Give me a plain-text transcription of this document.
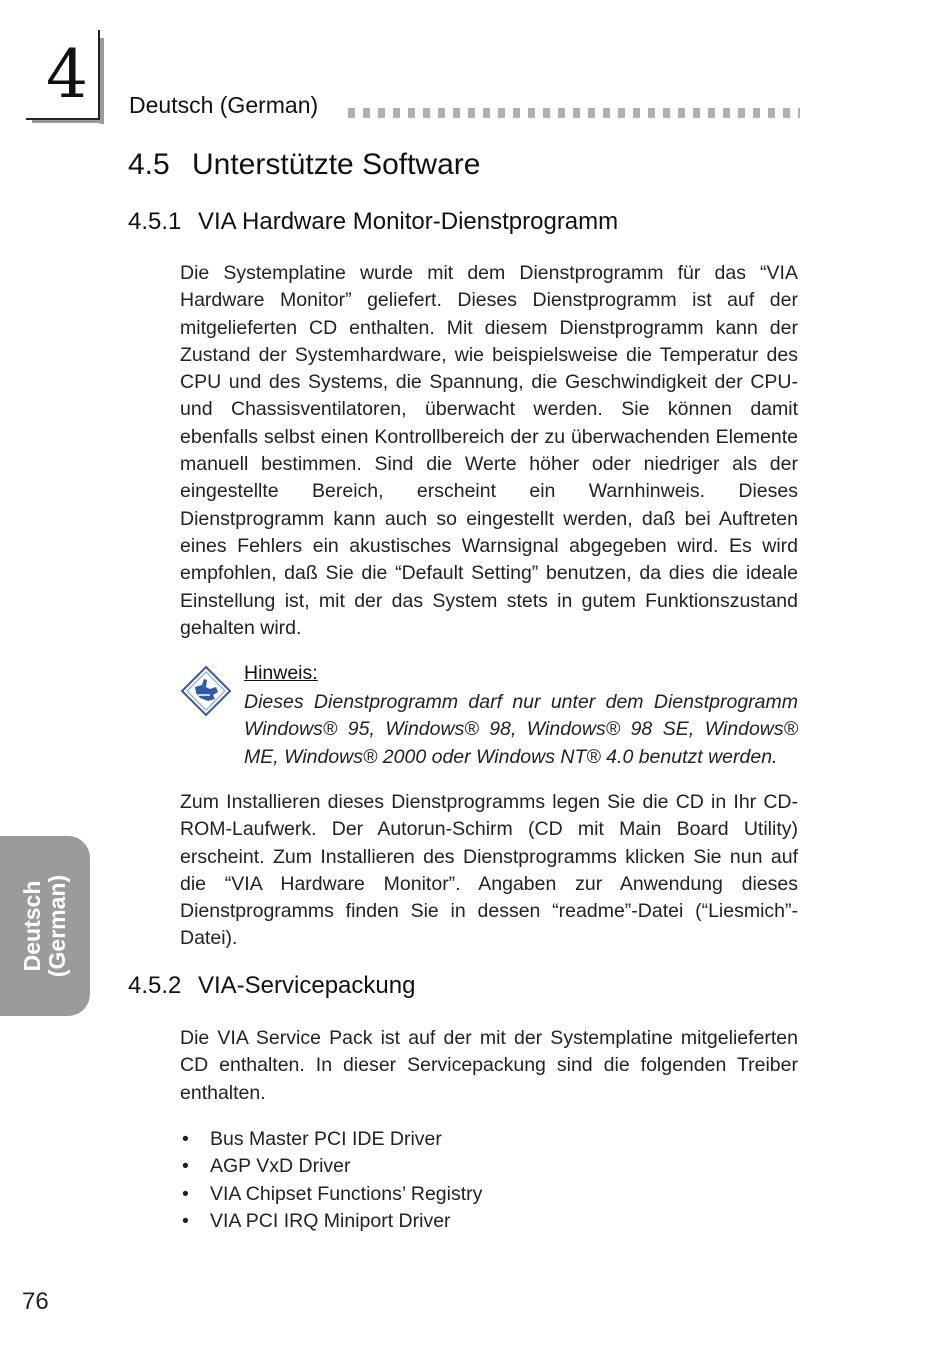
4 Deutsch (German)
4.5 Unterstützte Software
4.5.1 VIA Hardware Monitor-Dienstprogramm

Die Systemplatine wurde mit dem Dienstprogramm für das “VIA Hardware Monitor” geliefert. Dieses Dienstprogramm ist auf der mitgelieferten CD enthalten. Mit diesem Dienstprogramm kann der Zustand der Systemhardware, wie beispielsweise die Temperatur des CPU und des Systems, die Spannung, die Geschwindigkeit der CPU- und Chassisventilatoren, überwacht werden. Sie können damit ebenfalls selbst einen Kontrollbereich der zu überwachenden Elemente manuell bestimmen. Sind die Werte höher oder niedriger als der eingestellte Bereich, erscheint ein Warnhinweis. Dieses Dienstprogramm kann auch so eingestellt werden, daß bei Auftreten eines Fehlers ein akustisches Warnsignal abgegeben wird. Es wird empfohlen, daß Sie die “Default Setting” benutzen, da dies die ideale Einstellung ist, mit der das System stets in gutem Funktionszustand gehalten wird.

Hinweis:

Dieses Dienstprogramm darf nur unter dem Dienstprogramm Windows® 95, Windows® 98, Windows® 98 SE, Windows® ME, Windows® 2000 oder Windows NT® 4.0 benutzt werden.

Zum Installieren dieses Dienstprogramms legen Sie die CD in Ihr CD-ROM-Laufwerk. Der Autorun-Schirm (CD mit Main Board Utility) erscheint. Zum Installieren des Dienstprogramms klicken Sie nun auf die “VIA Hardware Monitor”. Angaben zur Anwendung dieses Dienstprogramms finden Sie in dessen “readme”-Datei (“Liesmich”-Datei).

4.5.2 VIA-Servicepackung

Die VIA Service Pack ist auf der mit der Systemplatine mitgelieferten CD enthalten. In dieser Servicepackung sind die folgenden Treiber enthalten.

• Bus Master PCI IDE Driver
• AGP VxD Driver
• VIA Chipset Functions’ Registry
• VIA PCI IRQ Miniport Driver
Deutsch (German)
76
